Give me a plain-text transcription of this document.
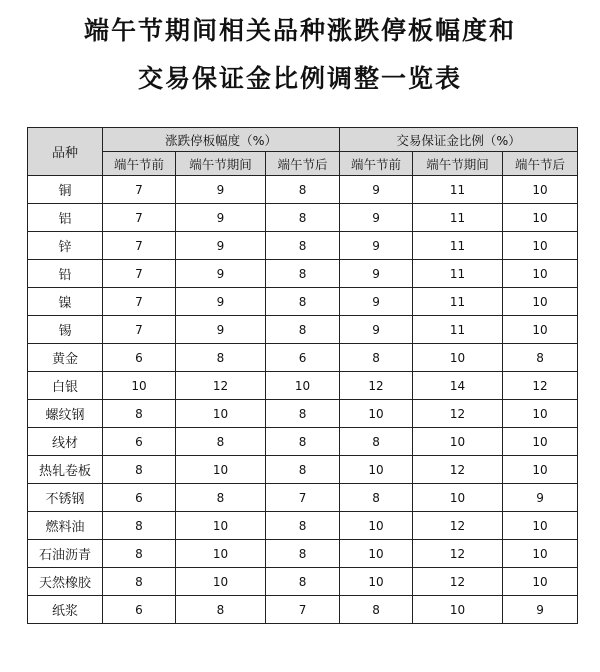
端午节期间相关品种涨跌停板幅度和
交易保证金比例调整一览表
品种	涨跌停板幅度（%）			交易保证金比例（%）		
	端午节前	端午节期间	端午节后	端午节前	端午节期间	端午节后
铜	7	9	8	9	11	10
铝	7	9	8	9	11	10
锌	7	9	8	9	11	10
铅	7	9	8	9	11	10
镍	7	9	8	9	11	10
锡	7	9	8	9	11	10
黄金	6	8	6	8	10	8
白银	10	12	10	12	14	12
螺纹钢	8	10	8	10	12	10
线材	6	8	8	8	10	10
热轧卷板	8	10	8	10	12	10
不锈钢	6	8	7	8	10	9
燃料油	8	10	8	10	12	10
石油沥青	8	10	8	10	12	10
天然橡胶	8	10	8	10	12	10
纸浆	6	8	7	8	10	9
